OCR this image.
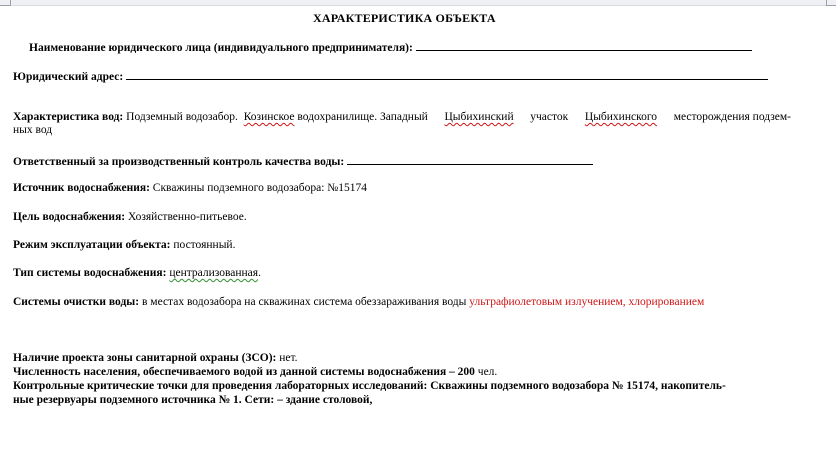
ХАРАКТЕРИСТИКА ОБЪЕКТА
Наименование юридического лица (индивидуального предпринимателя):
Юридический адрес:
Характеристика вод: Подземный водозабор. Козинское водохранилище. Западный Цыбихинский участок Цыбихинского месторождения подзем-
ных вод
Ответственный за производственный контроль качества воды:
Источник водоснабжения: Скважины подземного водозабора: №15174
Цель водоснабжения: Хозяйственно-питьевое.
Режим эксплуатации объекта: постоянный.
Тип системы водоснабжения: централизованная.
Системы очистки воды: в местах водозабора на скважинах система обеззараживания воды ультрафиолетовым излучением, хлорированием
Наличие проекта зоны санитарной охраны (ЗСО): нет.
Численность населения, обеспечиваемого водой из данной системы водоснабжения – 200 чел.
Контрольные критические точки для проведения лабораторных исследований: Скважины подземного водозабора № 15174, накопитель-
ные резервуары подземного источника № 1. Сети: – здание столовой,
